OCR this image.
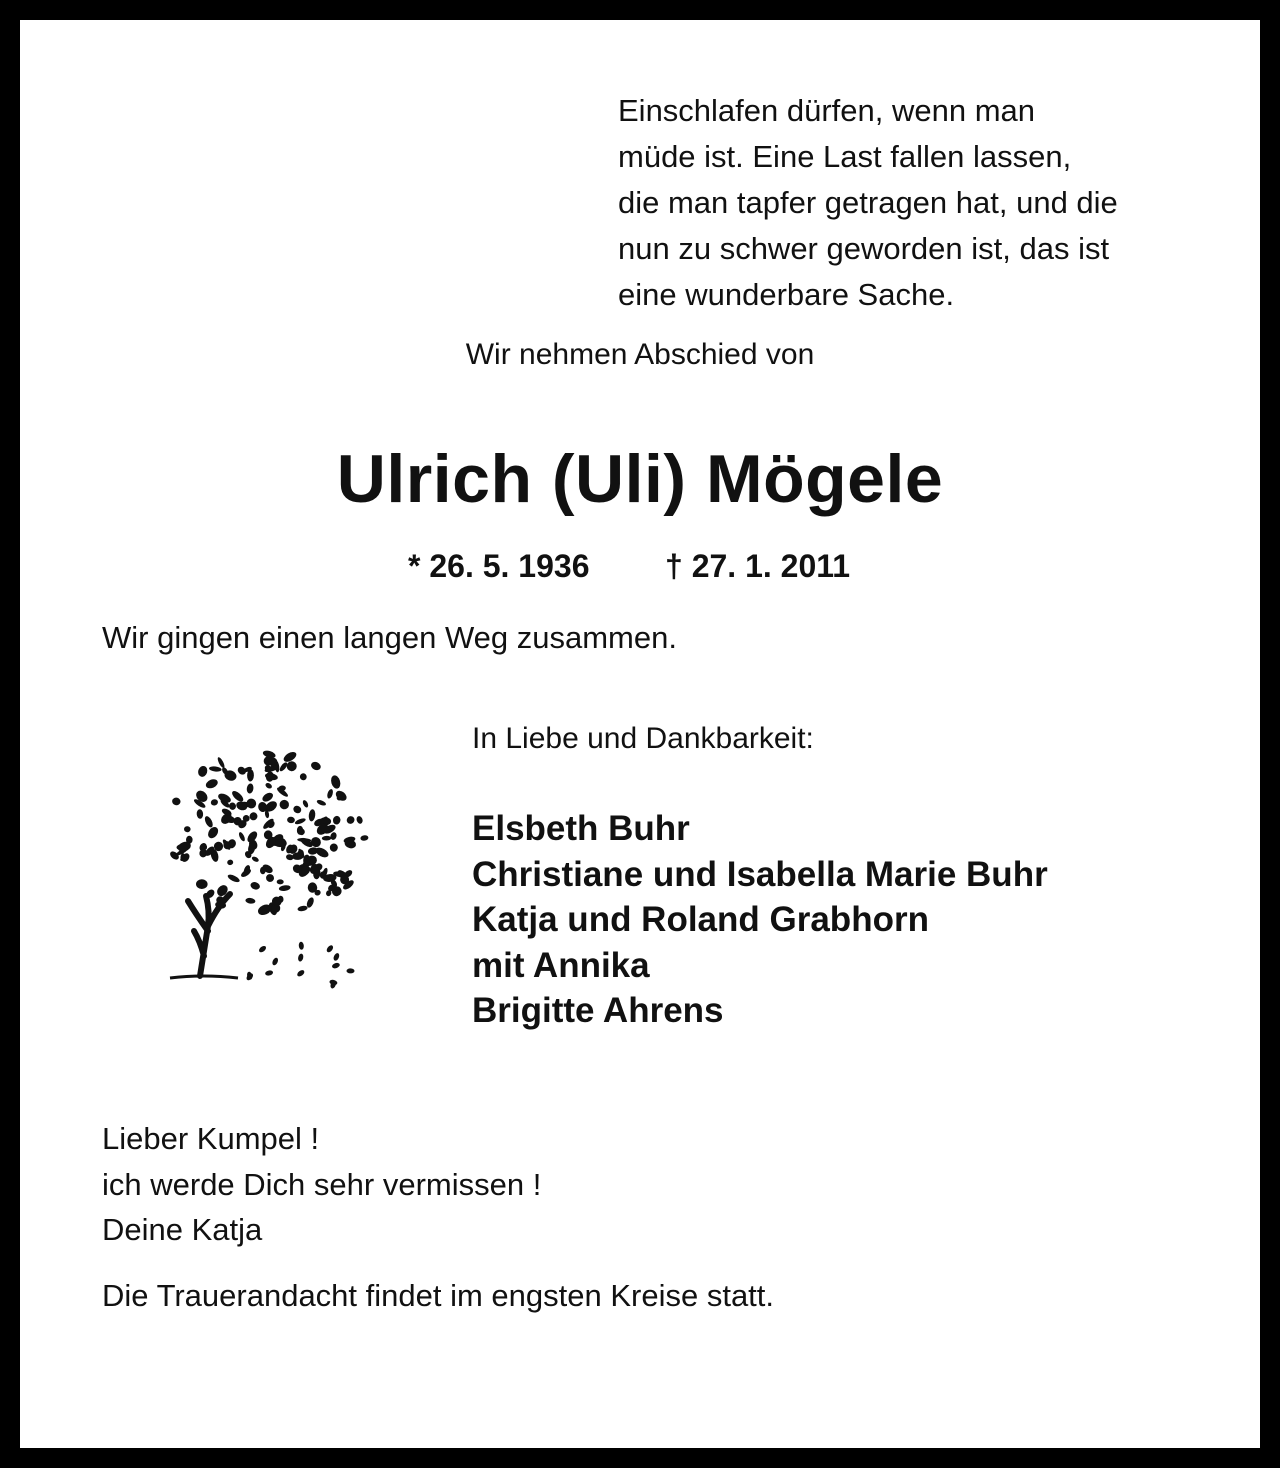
Einschlafen dürfen, wenn man
müde ist. Eine Last fallen lassen,
die man tapfer getragen hat, und die
nun zu schwer geworden ist, das ist
eine wunderbare Sache.
Wir nehmen Abschied von
Ulrich (Uli) Mögele
* 26. 5. 1936 † 27. 1. 2011
Wir gingen einen langen Weg zusammen.
In Liebe und Dankbarkeit:
Elsbeth Buhr
Christiane und Isabella Marie Buhr
Katja und Roland Grabhorn
mit Annika
Brigitte Ahrens
Lieber Kumpel !
ich werde Dich sehr vermissen !
Deine Katja
Die Trauerandacht findet im engsten Kreise statt.
